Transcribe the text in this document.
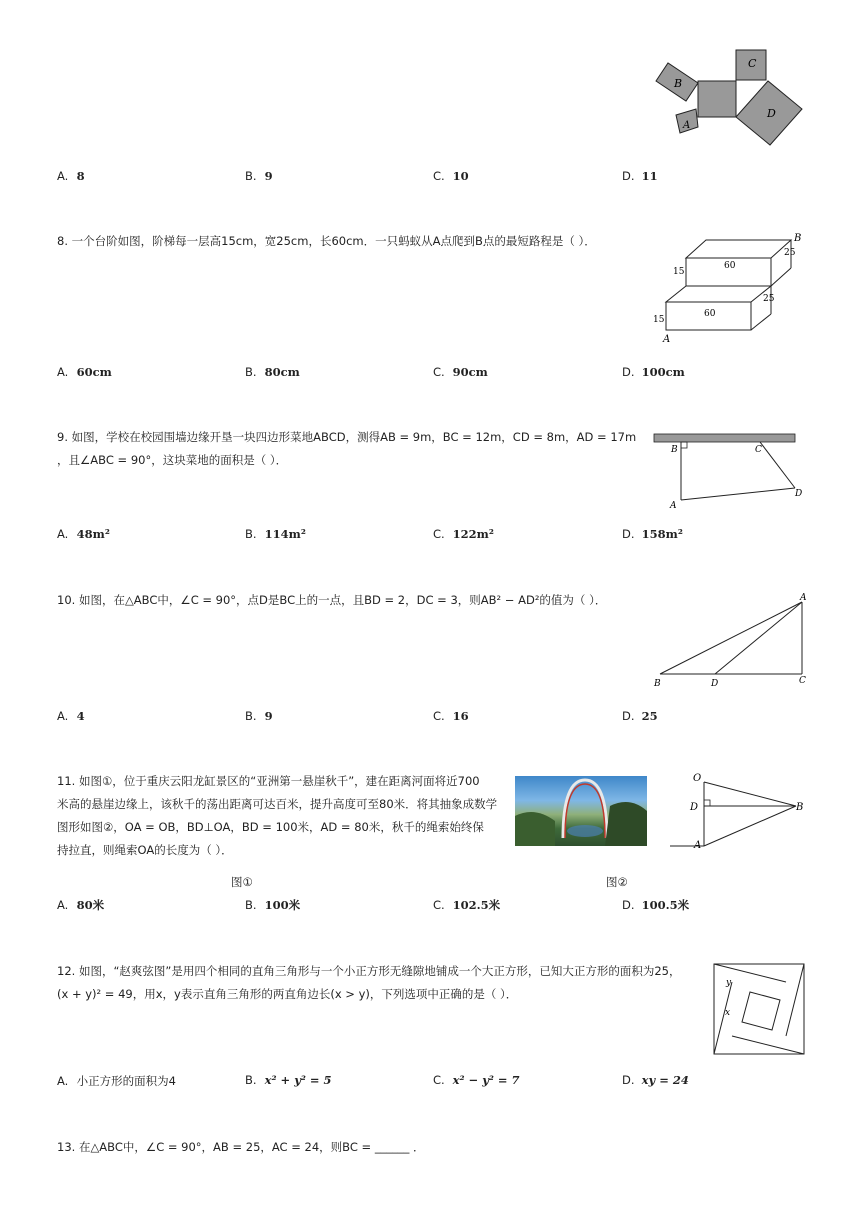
B
C
A
D
A. 8	B. 9	C. 10	D. 11
8. 一个台阶如图，阶梯每一层高15cm，宽25cm，长60cm．一只蚂蚁从A点爬到B点的最短路程是（ ）．	B
25
15
60
25
15
60
A
A. 60cm	B. 80cm	C. 90cm	D. 100cm
9. 如图，学校在校园围墙边缘开垦一块四边形菜地ABCD，测得AB = 9m，BC = 12m，CD = 8m，AD = 17m
，且∠ABC = 90°，这块菜地的面积是（ ）．
B	C
D
A
A. 48m²	B. 114m²	C. 122m²	D. 158m²
10. 如图，在△ABC中，∠C = 90°，点D是BC上的一点，且BD = 2，DC = 3，则AB² − AD²的值为（ ）．	A
B	D	C
A. 4	B. 9	C. 16	D. 25
11. 如图①，位于重庆云阳龙缸景区的“亚洲第一悬崖秋千”，建在距离河面将近700
米高的悬崖边缘上，该秋千的荡出距离可达百米，提升高度可至80米．将其抽象成数学
图形如图②，OA = OB，BD⊥OA，BD = 100米，AD = 80米，秋千的绳索始终保
持拉直，则绳索OA的长度为（ ）．
O
D	B
A
图①	图②
A. 80米	B. 100米	C. 102.5米	D. 100.5米
12. 如图，“赵爽弦图”是用四个相同的直角三角形与一个小正方形无缝隙地铺成一个大正方形，已知大正方形的面积为25，
(x + y)² = 49，用x，y表示直角三角形的两直角边长(x > y)，下列选项中正确的是（ ）．
y
x
A. 小正方形的面积为4	B. x² + y² = 5	C. x² − y² = 7	D. xy = 24
13. 在△ABC中，∠C = 90°，AB = 25，AC = 24，则BC = ______ ．
